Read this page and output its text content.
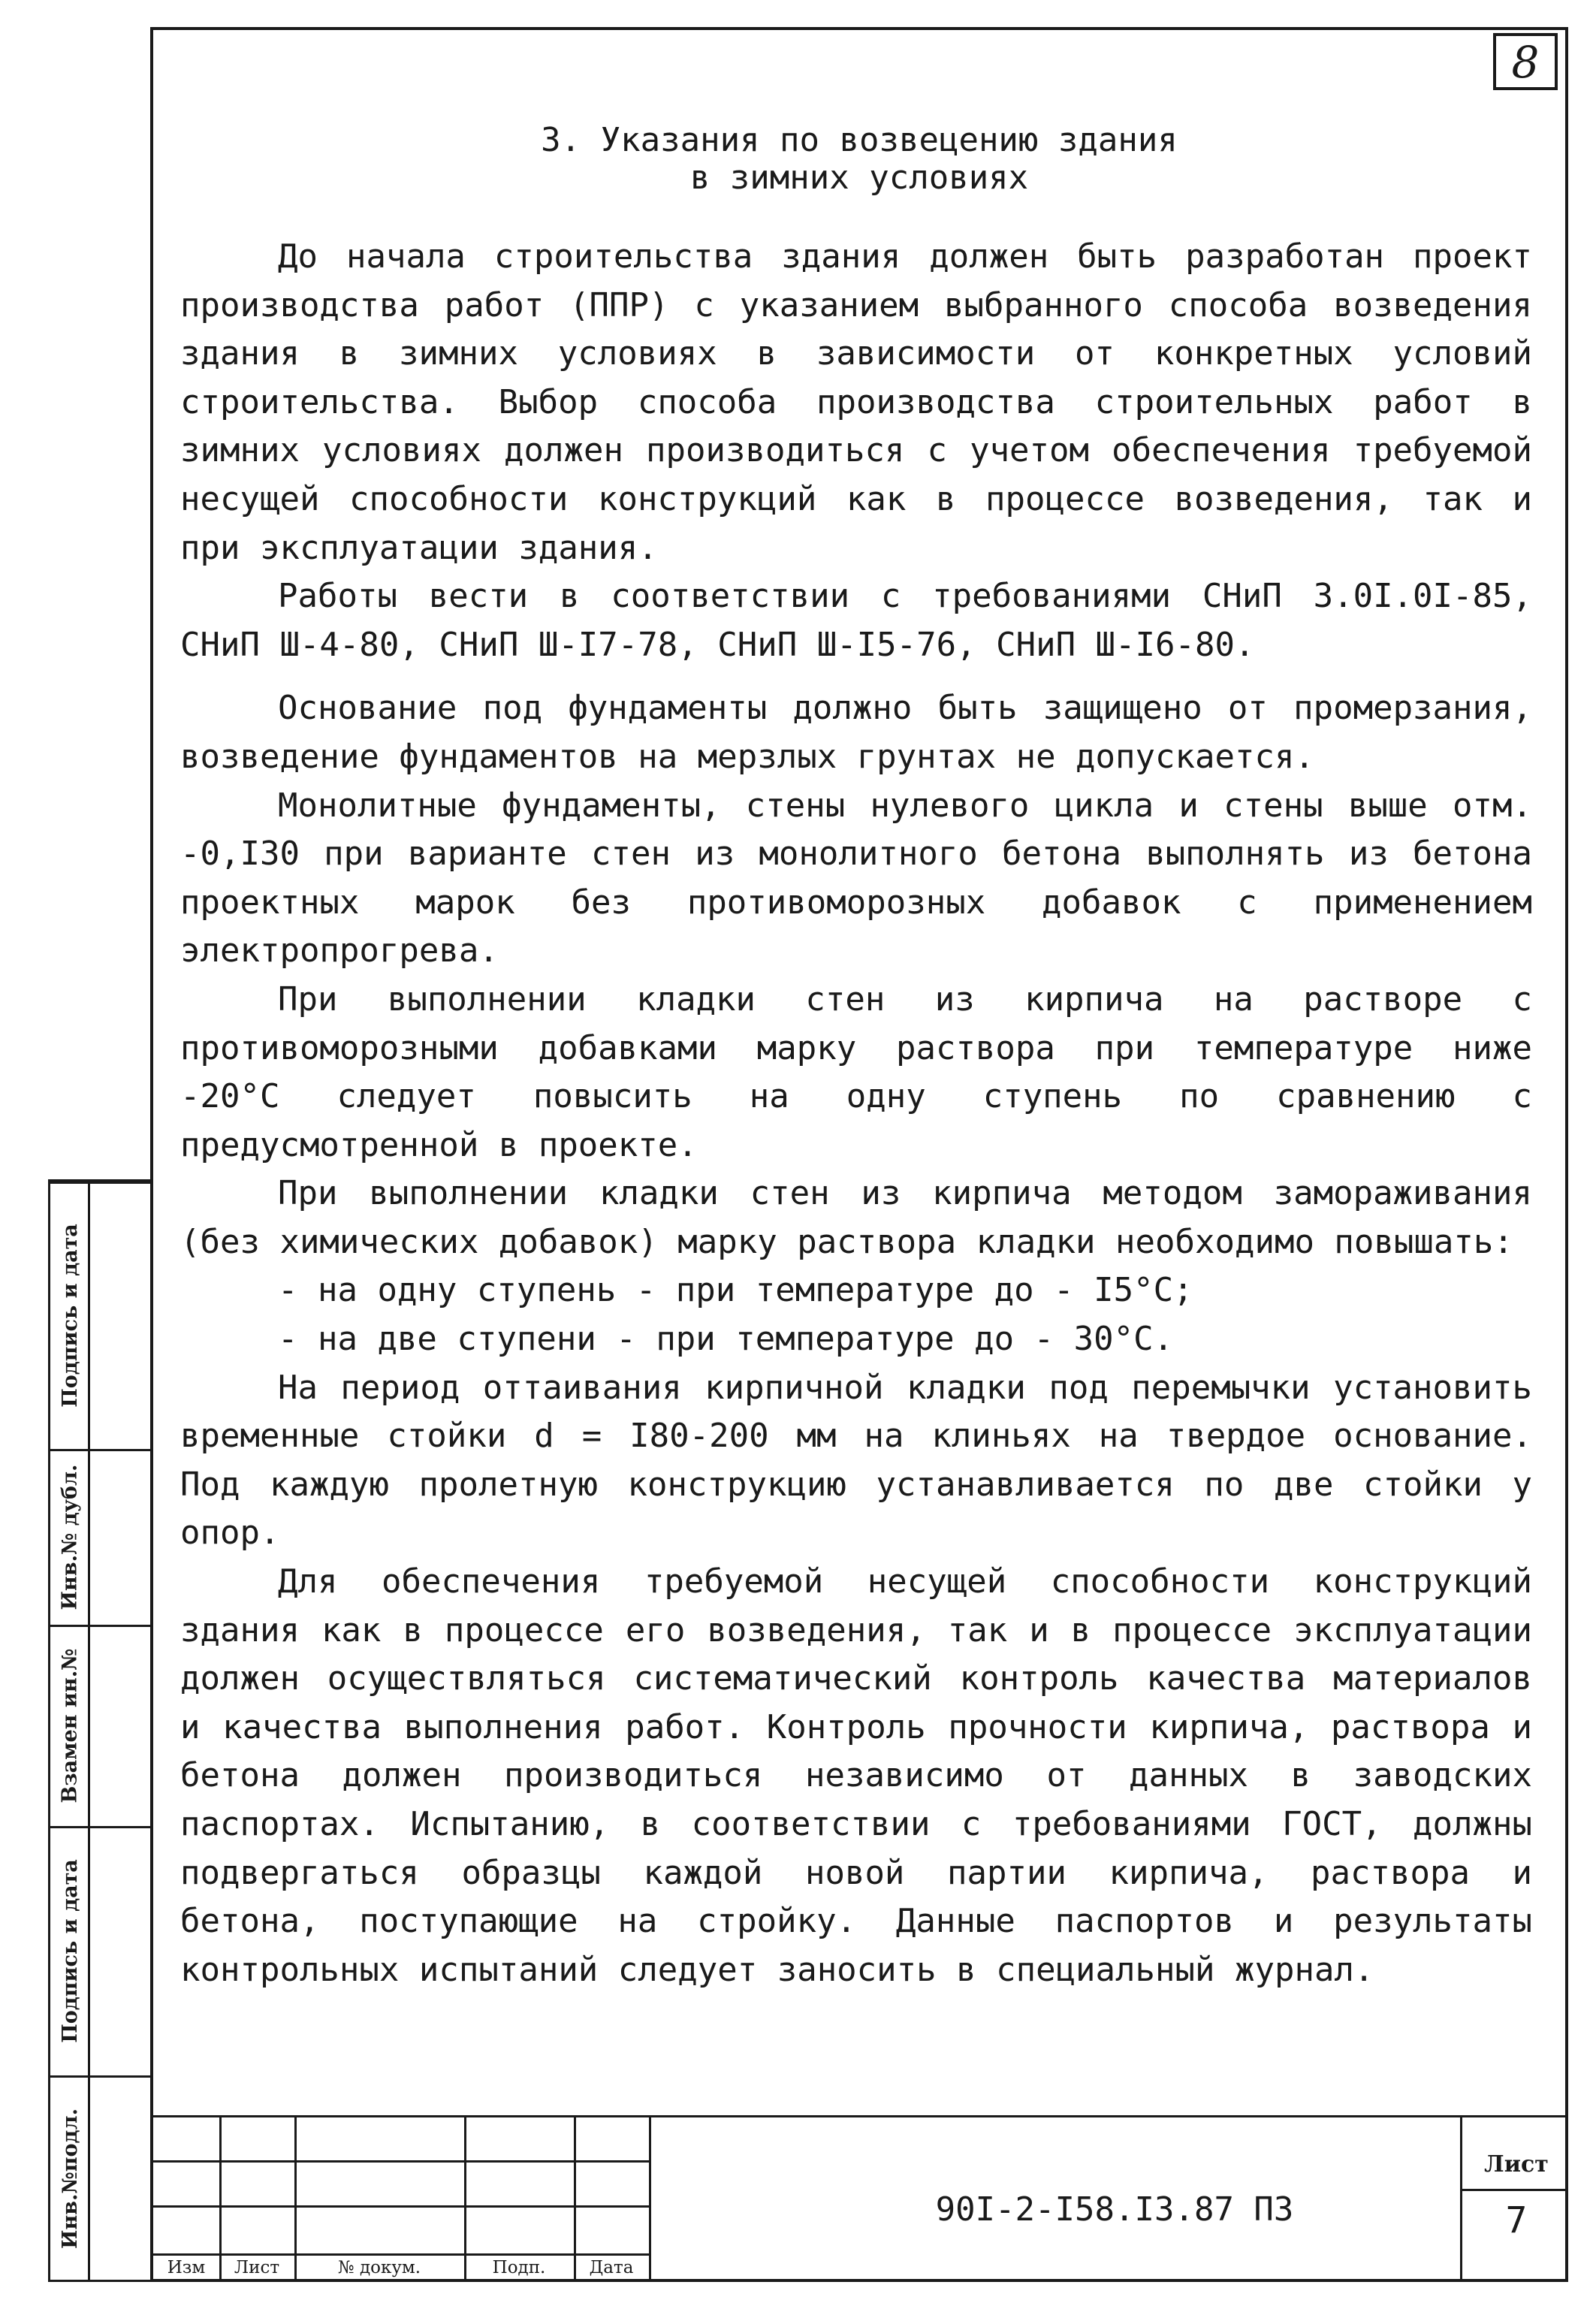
8
3. Указания по возвецению здания
в зимних условиях

До начала строительства здания должен быть разработан проект производства работ (ППР) с указанием выбранного способа возведения здания в зимних условиях в зависимости от конкретных условий строительства. Выбор способа производства строительных работ в зимних условиях должен производиться с учетом обеспечения требуемой несущей способности конструкций как в процессе возведения, так и при эксплуатации здания.

Работы вести в соответствии с требованиями СНиП 3.0I.0I-85, СНиП Ш-4-80, СНиП Ш-I7-78, СНиП Ш-I5-76, СНиП Ш-I6-80.

Основание под фундаменты должно быть защищено от промерзания, возведение фундаментов на мерзлых грунтах не допускается.

Монолитные фундаменты, стены нулевого цикла и стены выше отм. -0,I30 при варианте стен из монолитного бетона выполнять из бетона проектных марок без противоморозных добавок с применением электропрогрева.

При выполнении кладки стен из кирпича на растворе с противоморозными добавками марку раствора при температуре ниже -20°С следует повысить на одну ступень по сравнению с предусмотренной в проекте.

При выполнении кладки стен из кирпича методом замораживания (без химических добавок) марку раствора кладки необходимо повышать:

- на одну ступень - при температуре до - I5°С;

- на две ступени - при температуре до - 30°С.

На период оттаивания кирпичной кладки под перемычки установить временные стойки d = I80-200 мм на клиньях на твердое основание. Под каждую пролетную конструкцию устанавливается по две стойки у опор.

Для обеспечения требуемой несущей способности конструкций здания как в процессе его возведения, так и в процессе эксплуатации должен осуществляться систематический контроль качества материалов и качества выполнения работ. Контроль прочности кирпича, раствора и бетона должен производиться независимо от данных в заводских паспортах. Испытанию, в соответствии с требованиями ГОСТ, должны подвергаться образцы каждой новой партии кирпича, раствора и бетона, поступающие на стройку. Данные паспортов и результаты контрольных испытаний следует заносить в специальный журнал.

Подпись и дата
Инв.№ дубл.
Взамен ин.№
Подпись и дата
Инв.№подл.
Изм	Лист	№ докум.	Подп.	Дата
90I-2-I58.I3.87 ПЗ
Лист
7
